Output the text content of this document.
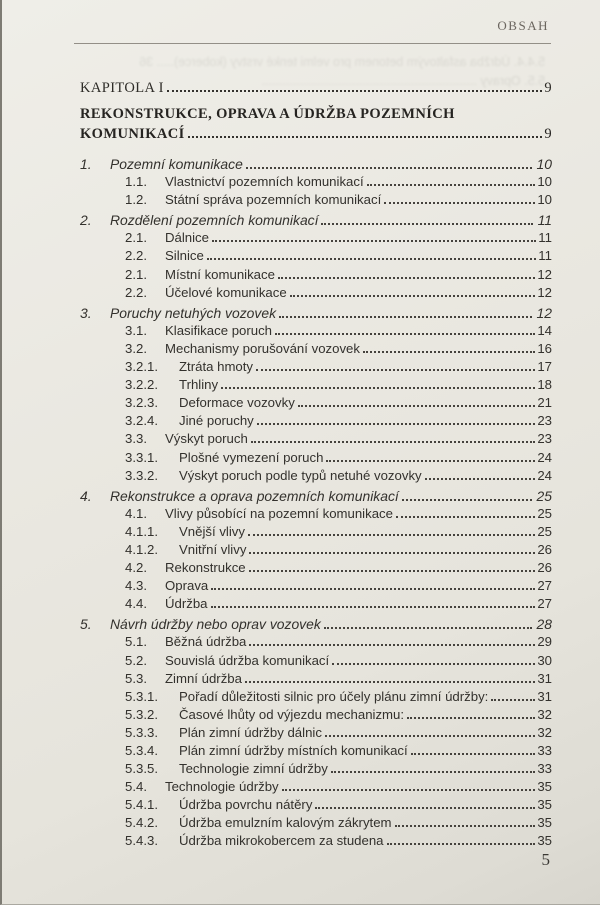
OBSAH
5.4.4. Údržba asfaltovým betonem pro velmi tenké vrstvy (koberce)..... 36
5.5. Opravy ..............................................................
KAPITOLA I	9
REKONSTRUKCE, OPRAVA A ÚDRŽBA POZEMNÍCH
KOMUNIKACÍ	9
1.	Pozemní komunikace	10
1.1.	Vlastnictví pozemních komunikací	10
1.2.	Státní správa pozemních komunikací	10
2.	Rozdělení pozemních komunikací	11
2.1.	Dálnice	11
2.2.	Silnice	11
2.1.	Místní komunikace	12
2.2.	Účelové komunikace	12
3.	Poruchy netuhých vozovek	12
3.1.	Klasifikace poruch	14
3.2.	Mechanismy porušování vozovek	16
3.2.1.	Ztráta hmoty	17
3.2.2.	Trhliny	18
3.2.3.	Deformace vozovky	21
3.2.4.	Jiné poruchy	23
3.3.	Výskyt poruch	23
3.3.1.	Plošné vymezení poruch	24
3.3.2.	Výskyt poruch podle typů netuhé vozovky	24
4.	Rekonstrukce a oprava pozemních komunikací	25
4.1.	Vlivy působící na pozemní komunikace	25
4.1.1.	Vnější vlivy	25
4.1.2.	Vnitřní vlivy	26
4.2.	Rekonstrukce	26
4.3.	Oprava	27
4.4.	Údržba	27
5.	Návrh údržby nebo oprav vozovek	28
5.1.	Běžná údržba	29
5.2.	Souvislá údržba komunikací	30
5.3.	Zimní údržba	31
5.3.1.	Pořadí důležitosti silnic pro účely plánu zimní údržby:	31
5.3.2.	Časové lhůty od výjezdu mechanizmu:	32
5.3.3.	Plán zimní údržby dálnic	32
5.3.4.	Plán zimní údržby místních komunikací	33
5.3.5.	Technologie zimní údržby	33
5.4.	Technologie údržby	35
5.4.1.	Údržba povrchu nátěry	35
5.4.2.	Údržba emulzním kalovým zákrytem	35
5.4.3.	Údržba mikrokobercem za studena	35
5
